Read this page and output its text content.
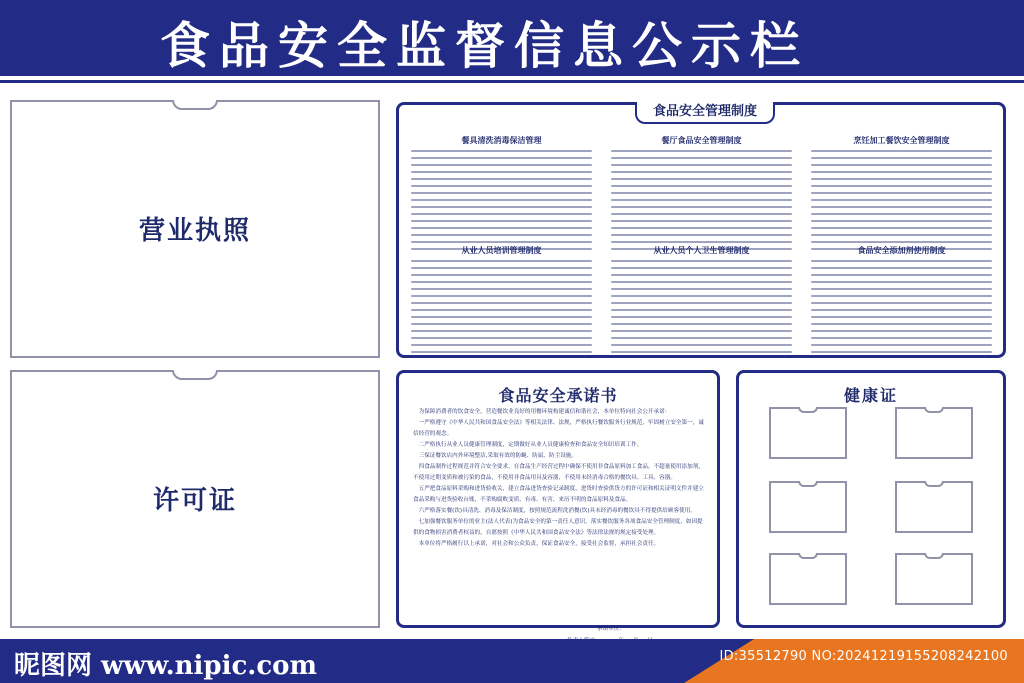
食品安全监督信息公示栏
营业执照
许可证
食品安全管理制度
餐具清洗消毒保洁管理	餐厅食品安全管理制度	烹饪加工餐饮安全管理制度
从业人员培训管理制度	从业人员个人卫生管理制度	食品安全添加剂使用制度
食品安全承诺书

为保障消费者的饮食安全，营造餐饮业良好的用餐环境构建诚信和谐社会，本单位特向社会公开承诺：

一严格遵守《中华人民共和国食品安全法》等相关法律、法规，严格执行餐饮服务行业规范，牢固树立安全第一，诚信经营的观念。

二严格执行从业人员健康管理制度，定期做好从业人员健康检查和食品安全知识培训工作。

三保证餐饮店内外环境整洁,采取有效的防蝇、防鼠、防尘设施。

四食品制作过程规范并符合安全要求，在食品生产经营过程中确保不使用非食品原料加工食品，不超量使用添加剂，不使用过期变质和被污染的食品，不使用非食品用具及容器，不使用未经消毒合格的餐饮具、工具、容器。

五严把食品原料采购和进货验收关，建立食品进货查验记录制度，进货时查验供货方的许可证和相关证明文件并建立食品采购与进货验收台账，不采购腐败变质、有毒、有害，来历不明的食品原料及食品。

六严格落实餐(饮)具清洗、消毒及保洁制度，按照规范流程洗消餐(饮)具未经消毒的餐饮具不得提供给顾客使用。

七加强餐饮服务单位的业主(法人代表)为食品安全的第一责任人意识，落实餐饮服务各项食品安全管理制度，如因提供的食物损害消费者权益的，自愿按照《中华人民共和国食品安全法》等法律法规的规定接受处理。

本单位将严格履行以上承诺，对社会和公众负责，保证食品安全，接受社会监督，承担社会责任。

承诺单位:
健康证
昵图网 www.nipic.com	ID:35512790 NO:20241219155208242100
